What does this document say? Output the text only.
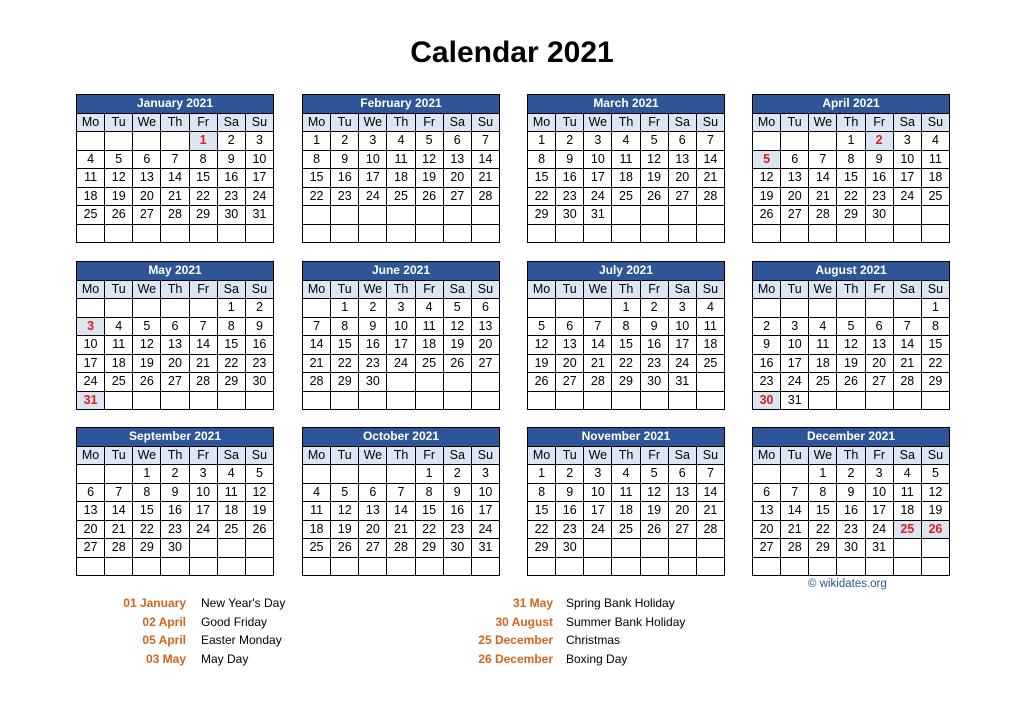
Calendar 2021
January 2021						
Mo	Tu	We	Th	Fr	Sa	Su
				1	2	3
4	5	6	7	8	9	10
11	12	13	14	15	16	17
18	19	20	21	22	23	24
25	26	27	28	29	30	31

February 2021						
Mo	Tu	We	Th	Fr	Sa	Su
1	2	3	4	5	6	7
8	9	10	11	12	13	14
15	16	17	18	19	20	21
22	23	24	25	26	27	28

March 2021						
Mo	Tu	We	Th	Fr	Sa	Su
1	2	3	4	5	6	7
8	9	10	11	12	13	14
15	16	17	18	19	20	21
22	23	24	25	26	27	28
29	30	31				

April 2021						
Mo	Tu	We	Th	Fr	Sa	Su
			1	2	3	4
5	6	7	8	9	10	11
12	13	14	15	16	17	18
19	20	21	22	23	24	25
26	27	28	29	30		

May 2021						
Mo	Tu	We	Th	Fr	Sa	Su
					1	2
3	4	5	6	7	8	9
10	11	12	13	14	15	16
17	18	19	20	21	22	23
24	25	26	27	28	29	30
31						
June 2021						
Mo	Tu	We	Th	Fr	Sa	Su
	1	2	3	4	5	6
7	8	9	10	11	12	13
14	15	16	17	18	19	20
21	22	23	24	25	26	27
28	29	30				

July 2021						
Mo	Tu	We	Th	Fr	Sa	Su
			1	2	3	4
5	6	7	8	9	10	11
12	13	14	15	16	17	18
19	20	21	22	23	24	25
26	27	28	29	30	31	

August 2021						
Mo	Tu	We	Th	Fr	Sa	Su
						1
2	3	4	5	6	7	8
9	10	11	12	13	14	15
16	17	18	19	20	21	22
23	24	25	26	27	28	29
30	31					
September 2021						
Mo	Tu	We	Th	Fr	Sa	Su
		1	2	3	4	5
6	7	8	9	10	11	12
13	14	15	16	17	18	19
20	21	22	23	24	25	26
27	28	29	30			

October 2021						
Mo	Tu	We	Th	Fr	Sa	Su
				1	2	3
4	5	6	7	8	9	10
11	12	13	14	15	16	17
18	19	20	21	22	23	24
25	26	27	28	29	30	31

November 2021						
Mo	Tu	We	Th	Fr	Sa	Su
1	2	3	4	5	6	7
8	9	10	11	12	13	14
15	16	17	18	19	20	21
22	23	24	25	26	27	28
29	30					

December 2021						
Mo	Tu	We	Th	Fr	Sa	Su
		1	2	3	4	5
6	7	8	9	10	11	12
13	14	15	16	17	18	19
20	21	22	23	24	25	26
27	28	29	30	31		

© wikidates.org
01 January New Year's Day
02 April Good Friday
05 April Easter Monday
03 May May Day
31 May Spring Bank Holiday
30 August Summer Bank Holiday
25 December Christmas
26 December Boxing Day
